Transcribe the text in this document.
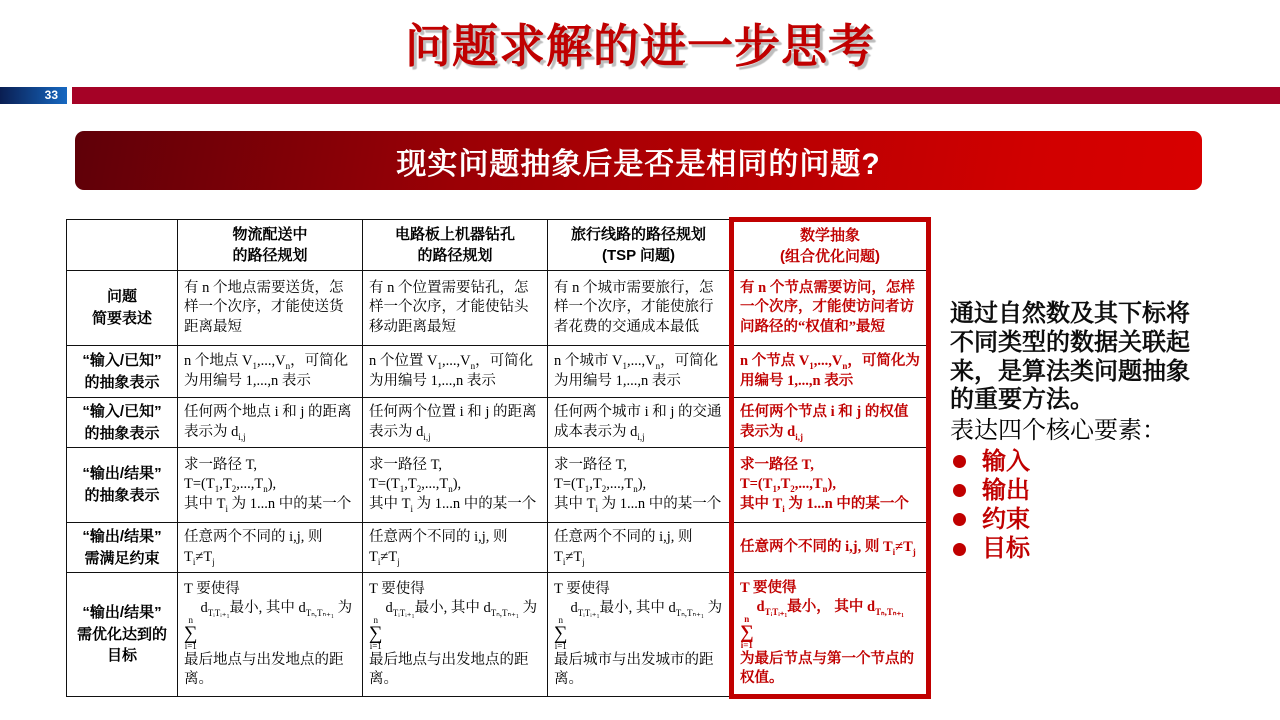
问题求解的进一步思考
33
现实问题抽象后是否是相同的问题?
	物流配送中
的路径规划	电路板上机器钻孔
的路径规划	旅行线路的路径规划
(TSP 问题)	数学抽象
(组合优化问题)
问题
简要表述	有 n 个地点需要送货，怎样一个次序，才能使送货距离最短	有 n 个位置需要钻孔，怎样一个次序，才能使钻头移动距离最短	有 n 个城市需要旅行，怎样一个次序，才能使旅行者花费的交通成本最低	有 n 个节点需要访问，怎样一个次序，才能使访问者访问路径的“权值和”最短
“输入/已知”
的抽象表示	n 个地点 $V_1,...,V_n$，可简化为用编号 1,...,n 表示	n 个位置 $V_1,...,V_n$，可简化为用编号 1,...,n 表示	n 个城市 $V_1,...,V_n$，可简化为用编号 1,...,n 表示	n 个节点 $V_1,...,V_n$，可简化为用编号 1,...,n 表示
“输入/已知”
的抽象表示	任何两个地点 i 和 j 的距离表示为 $d_{i,j}$	任何两个位置 i 和 j 的距离表示为 $d_{i,j}$	任何两个城市 i 和 j 的交通成本表示为 $d_{i,j}$	任何两个节点 i 和 j 的权值表示为 $d_{i,j}$
“输出/结果”
的抽象表示	求一路径 T,
$T=(T_1,T_2,...,T_n)$,
其中 $T_i$ 为 1...n 中的某一个	求一路径 T,
$T=(T_1,T_2,...,T_n)$,
其中 $T_i$ 为 1...n 中的某一个	求一路径 T,
$T=(T_1,T_2,...,T_n)$,
其中 $T_i$ 为 1...n 中的某一个	求一路径 T,
$T=(T_1,T_2,...,T_n)$,
其中 $T_i$ 为 1...n 中的某一个
“输出/结果”
需满足约束	任意两个不同的 i,j, 则 $T_i\ne T_j$	任意两个不同的 i,j, 则 $T_i\ne T_j$	任意两个不同的 i,j, 则 $T_i\ne T_j$	任意两个不同的 i,j, 则 $T_i\ne T_j$
“输出/结果”
需优化达到的
目标	T 要使得

n
∑
i=1
$d_{TᵢTᵢ_{+1}}$最小, 其中 $d_{T_n,T_{n+1}}$ 为最后地点与出发地点的距离。	T 要使得

n
∑
i=1
$d_{TᵢTᵢ_{+1}}$最小, 其中 $d_{T_n,T_{n+1}}$ 为最后地点与出发地点的距离。	T 要使得

n
∑
i=1
$d_{TᵢTᵢ_{+1}}$最小, 其中 $d_{T_n,T_{n+1}}$ 为最后城市与出发城市的距离。	T 要使得

n
∑
i=1
$d_{TᵢTᵢ_{+1}}$最小， 其中 $d_{T_n,T_{n+1}}$ 为最后节点与第一个节点的权值。

通过自然数及其下标将不同类型的数据关联起来，是算法类问题抽象的重要方法。

表达四个核心要素：

输入
输出
约束
目标
